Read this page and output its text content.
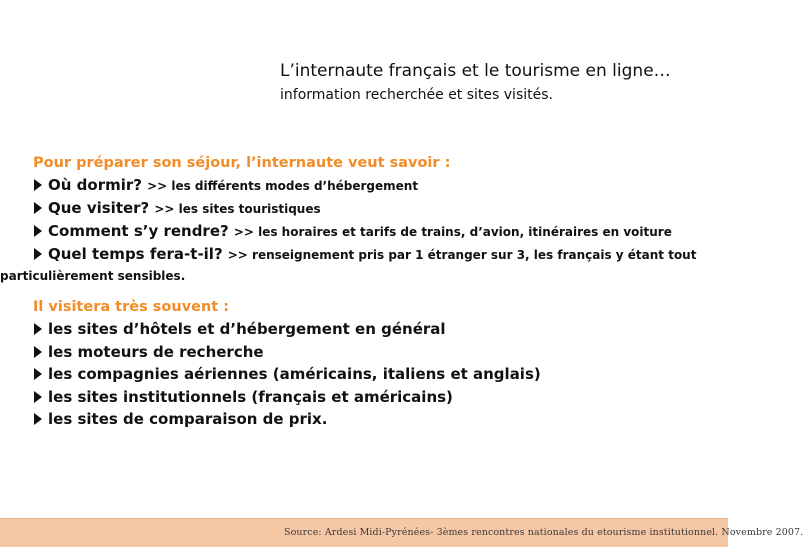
L’internaute français et le tourisme en ligne…
information recherchée et sites visités.
Pour préparer son séjour, l’internaute veut savoir :
Où dormir? >> les différents modes d’hébergement
Que visiter? >> les sites touristiques
Comment s’y rendre? >> les horaires et tarifs de trains, d’avion, itinéraires en voiture
Quel temps fera-t-il? >> renseignement pris par 1 étranger sur 3, les français y étant tout
particulièrement sensibles.
Il visitera très souvent :
les sites d’hôtels et d’hébergement en général
les moteurs de recherche
les compagnies aériennes (américains, italiens et anglais)
les sites institutionnels (français et américains)
les sites de comparaison de prix.
Source: Ardesi Midi-Pyrénées- 3èmes rencontres nationales du etourisme institutionnel. Novembre 2007.
